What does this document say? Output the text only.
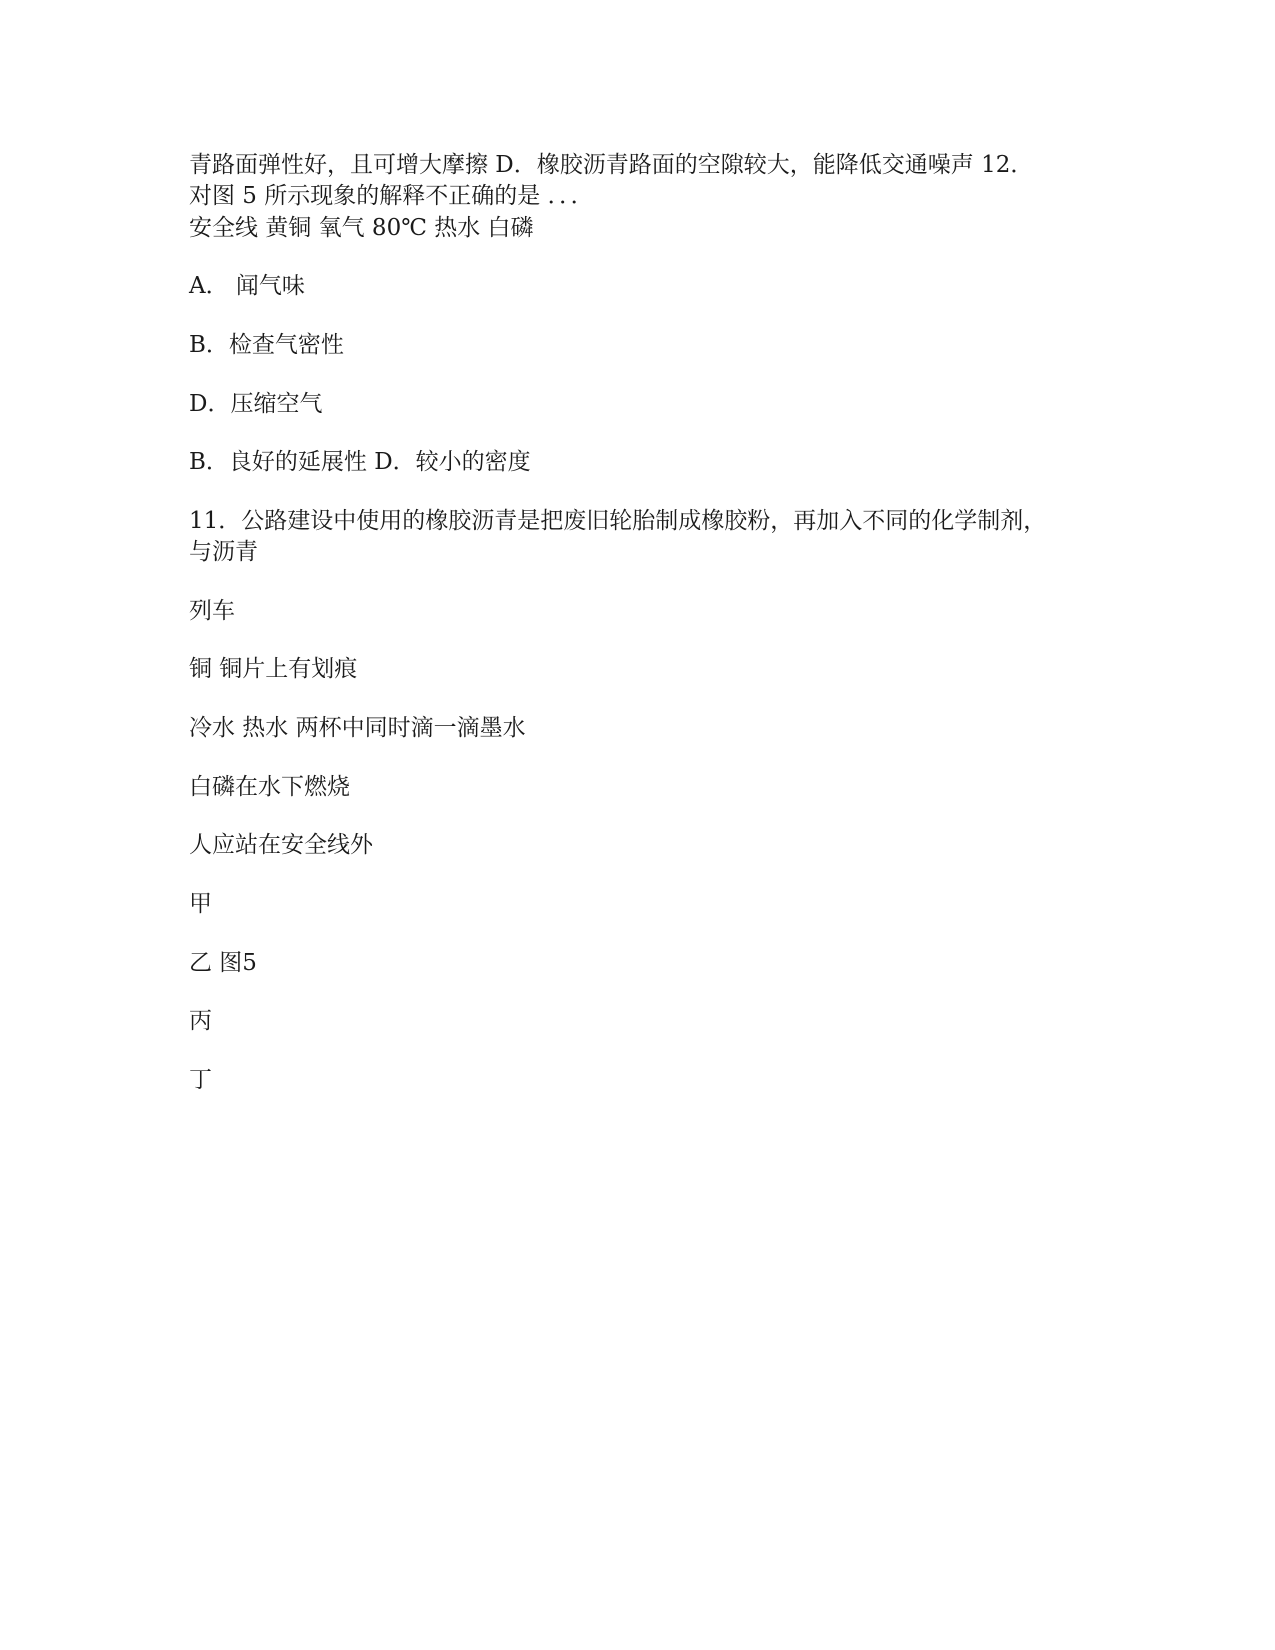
青路面弹性好，且可增大摩擦 D．橡胶沥青路面的空隙较大，能降低交通噪声 12．
对图 5 所示现象的解释不正确的是 ．．．
安全线 黄铜 氧气 80℃ 热水 白磷
A． 闻气味
B．检查气密性
D．压缩空气
B．良好的延展性 D．较小的密度
11．公路建设中使用的橡胶沥青是把废旧轮胎制成橡胶粉，再加入不同的化学制剂，
与沥青
列车
铜 铜片上有划痕
冷水 热水 两杯中同时滴一滴墨水
白磷在水下燃烧
人应站在安全线外
甲
乙 图5
丙
丁
